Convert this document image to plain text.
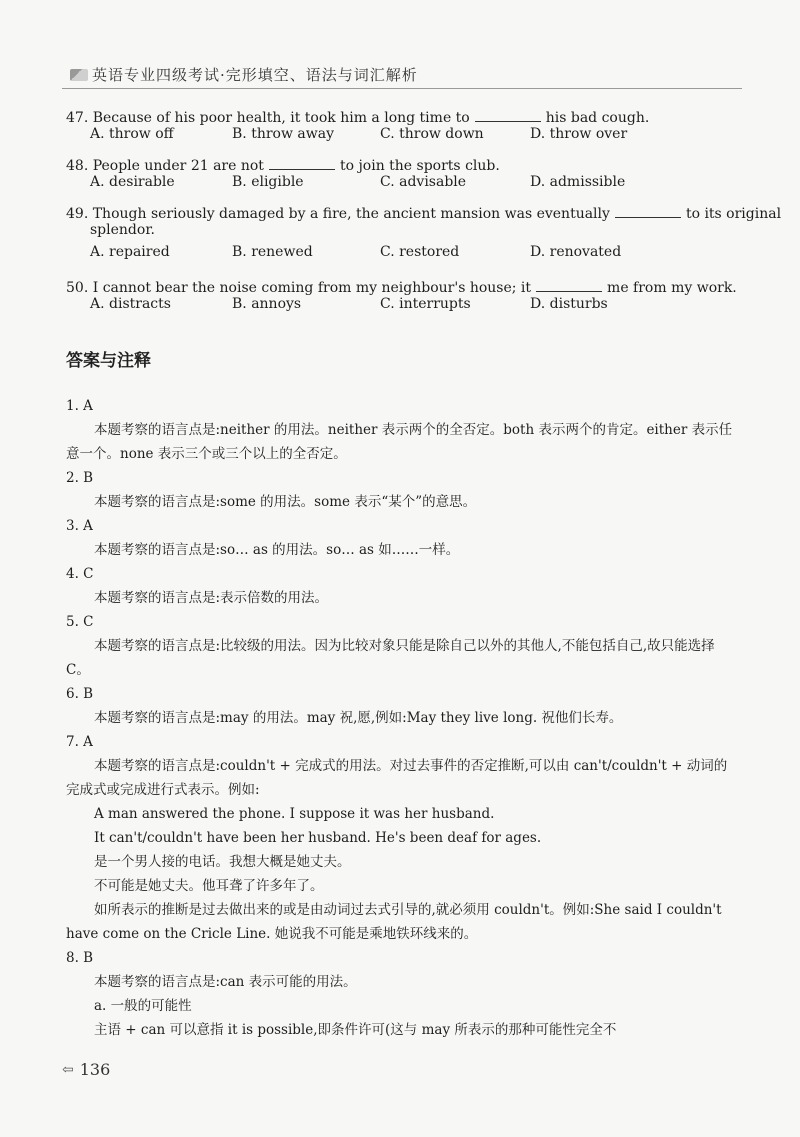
英语专业四级考试·完形填空、语法与词汇解析
47. Because of his poor health, it took him a long time to	his bad cough.
A. throw off	B. throw away	C. throw down	D. throw over
48. People under 21 are not	to join the sports club.
A. desirable	B. eligible	C. advisable	D. admissible
49. Though seriously damaged by a fire, the ancient mansion was eventually	to its original
splendor.
A. repaired	B. renewed	C. restored	D. renovated
50. I cannot bear the noise coming from my neighbour's house; it	me from my work.
A. distracts	B. annoys	C. interrupts	D. disturbs
答案与注释
1. A

本题考察的语言点是:neither 的用法。neither 表示两个的全否定。both 表示两个的肯定。either 表示任意一个。none 表示三个或三个以上的全否定。

2. B

本题考察的语言点是:some 的用法。some 表示“某个”的意思。

3. A

本题考察的语言点是:so… as 的用法。so… as 如……一样。

4. C

本题考察的语言点是:表示倍数的用法。

5. C

本题考察的语言点是:比较级的用法。因为比较对象只能是除自己以外的其他人,不能包括自己,故只能选择 C。

6. B

本题考察的语言点是:may 的用法。may 祝,愿,例如:May they live long. 祝他们长寿。

7. A

本题考察的语言点是:couldn't + 完成式的用法。对过去事件的否定推断,可以由 can't/couldn't + 动词的完成式或完成进行式表示。例如:

A man answered the phone. I suppose it was her husband.

It can't/couldn't have been her husband. He's been deaf for ages.

是一个男人接的电话。我想大概是她丈夫。

不可能是她丈夫。他耳聋了许多年了。

如所表示的推断是过去做出来的或是由动词过去式引导的,就必须用 couldn't。例如:She said I couldn't have come on the Cricle Line. 她说我不可能是乘地铁环线来的。

8. B

本题考察的语言点是:can 表示可能的用法。

a. 一般的可能性

主语 + can 可以意指 it is possible,即条件许可(这与 may 所表示的那种可能性完全不

⇦ 136
